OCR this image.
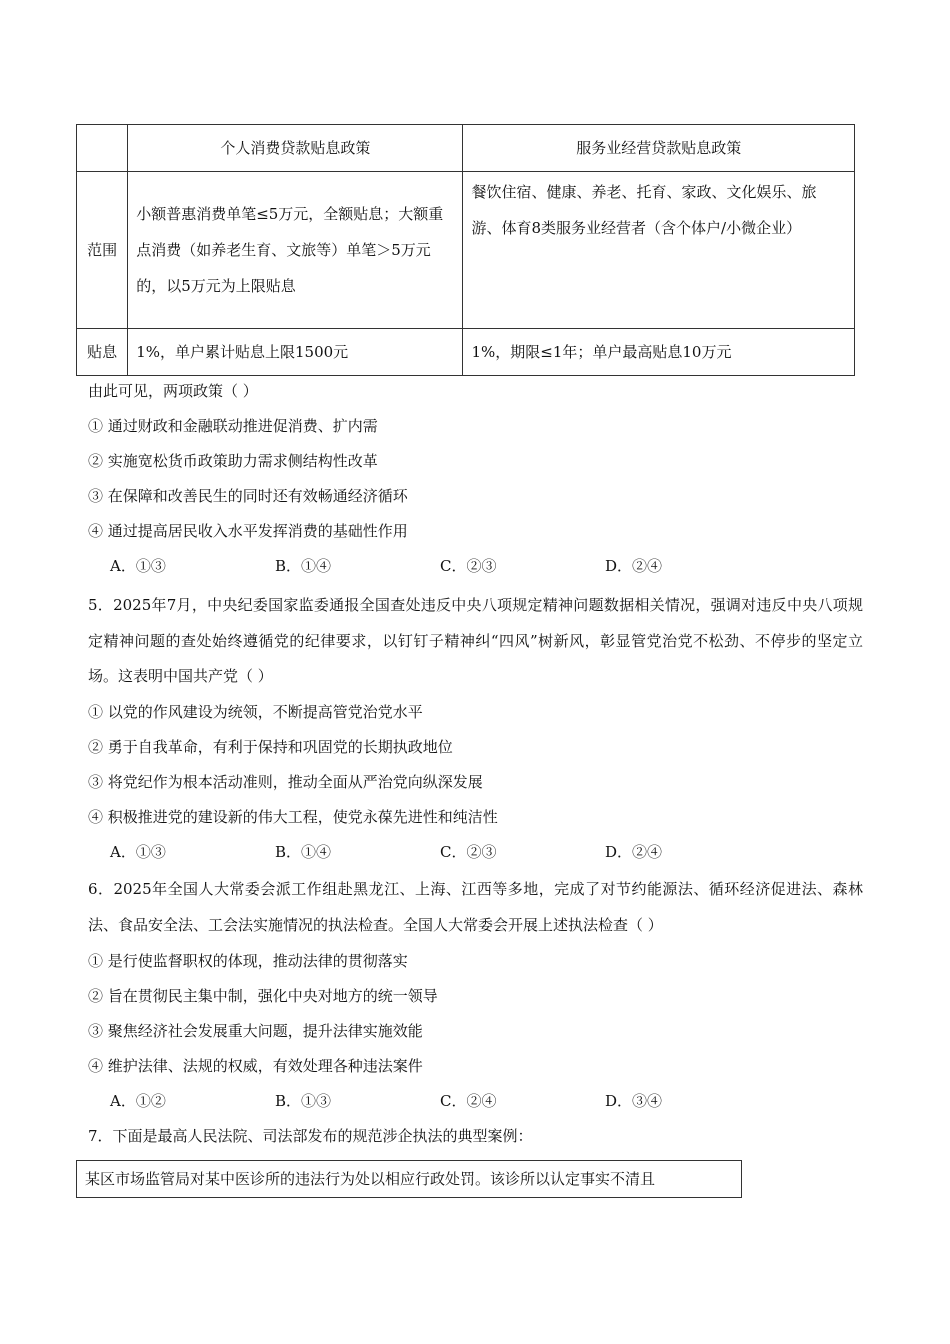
	个人消费贷款贴息政策	服务业经营贷款贴息政策
范围	小额普惠消费单笔≤5万元，全额贴息；大额重点消费（如养老生育、文旅等）单笔＞5万元的，以5万元为上限贴息	餐饮住宿、健康、养老、托育、家政、文化娱乐、旅游、体育8类服务业经营者（含个体户/小微企业）
贴息	1%，单户累计贴息上限1500元	1%，期限≤1年；单户最高贴息10万元
由此可见，两项政策（ ）
① 通过财政和金融联动推进促消费、扩内需
② 实施宽松货币政策助力需求侧结构性改革
③ 在保障和改善民生的同时还有效畅通经济循环
④ 通过提高居民收入水平发挥消费的基础性作用
A．①③	B．①④	C．②③	D．②④
5．2025年7月，中央纪委国家监委通报全国查处违反中央八项规定精神问题数据相关情况，强调对违反中央八项规定精神问题的查处始终遵循党的纪律要求，以钉钉子精神纠“四风”树新风，彰显管党治党不松劲、不停步的坚定立场。这表明中国共产党（ ）
① 以党的作风建设为统领，不断提高管党治党水平
② 勇于自我革命，有利于保持和巩固党的长期执政地位
③ 将党纪作为根本活动准则，推动全面从严治党向纵深发展
④ 积极推进党的建设新的伟大工程，使党永葆先进性和纯洁性
A．①③	B．①④	C．②③	D．②④
6．2025年全国人大常委会派工作组赴黑龙江、上海、江西等多地，完成了对节约能源法、循环经济促进法、森林法、食品安全法、工会法实施情况的执法检查。全国人大常委会开展上述执法检查（ ）
① 是行使监督职权的体现，推动法律的贯彻落实
② 旨在贯彻民主集中制，强化中央对地方的统一领导
③ 聚焦经济社会发展重大问题，提升法律实施效能
④ 维护法律、法规的权威，有效处理各种违法案件
A．①②	B．①③	C．②④	D．③④
7．下面是最高人民法院、司法部发布的规范涉企执法的典型案例：
某区市场监管局对某中医诊所的违法行为处以相应行政处罚。该诊所以认定事实不清且
